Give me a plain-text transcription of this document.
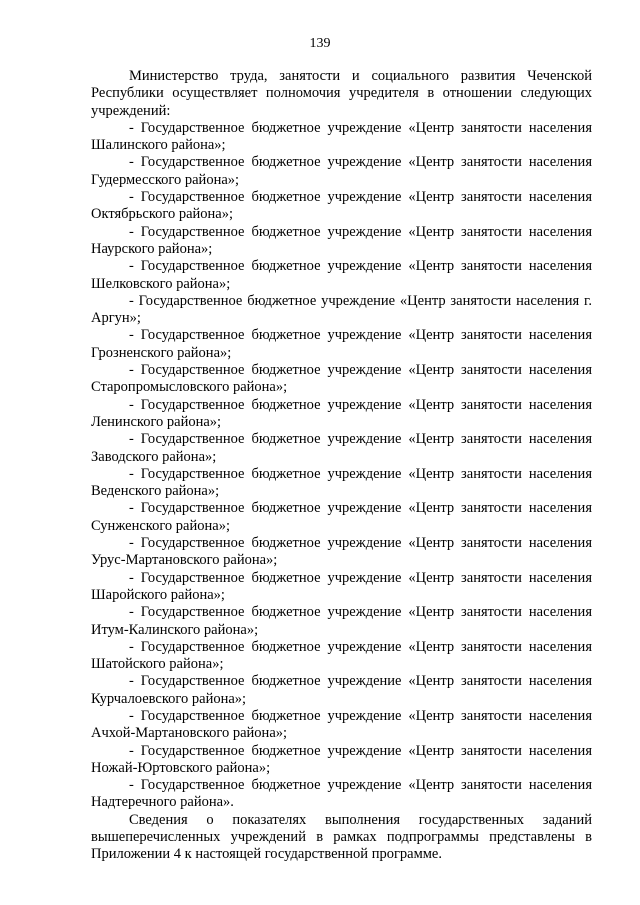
139

Министерство труда, занятости и социального развития Чеченской Республики осуществляет полномочия учредителя в отношении следующих учреждений:

- Государственное бюджетное учреждение «Центр занятости населения Шалинского района»;

- Государственное бюджетное учреждение «Центр занятости населения Гудермесского района»;

- Государственное бюджетное учреждение «Центр занятости населения Октябрьского района»;

- Государственное бюджетное учреждение «Центр занятости населения Наурского района»;

- Государственное бюджетное учреждение «Центр занятости населения Шелковского района»;

- Государственное бюджетное учреждение «Центр занятости населения г. Аргун»;

- Государственное бюджетное учреждение «Центр занятости населения Грозненского района»;

- Государственное бюджетное учреждение «Центр занятости населения Старопромысловского района»;

- Государственное бюджетное учреждение «Центр занятости населения Ленинского района»;

- Государственное бюджетное учреждение «Центр занятости населения Заводского района»;

- Государственное бюджетное учреждение «Центр занятости населения Веденского района»;

- Государственное бюджетное учреждение «Центр занятости населения Сунженского района»;

- Государственное бюджетное учреждение «Центр занятости населения Урус-Мартановского района»;

- Государственное бюджетное учреждение «Центр занятости населения Шаройского района»;

- Государственное бюджетное учреждение «Центр занятости населения Итум-Калинского района»;

- Государственное бюджетное учреждение «Центр занятости населения Шатойского района»;

- Государственное бюджетное учреждение «Центр занятости населения Курчалоевского района»;

- Государственное бюджетное учреждение «Центр занятости населения Ачхой-Мартановского района»;

- Государственное бюджетное учреждение «Центр занятости населения Ножай-Юртовского района»;

- Государственное бюджетное учреждение «Центр занятости населения Надтеречного района».

Сведения о показателях выполнения государственных заданий вышеперечисленных учреждений в рамках подпрограммы представлены в Приложении 4 к настоящей государственной программе.
